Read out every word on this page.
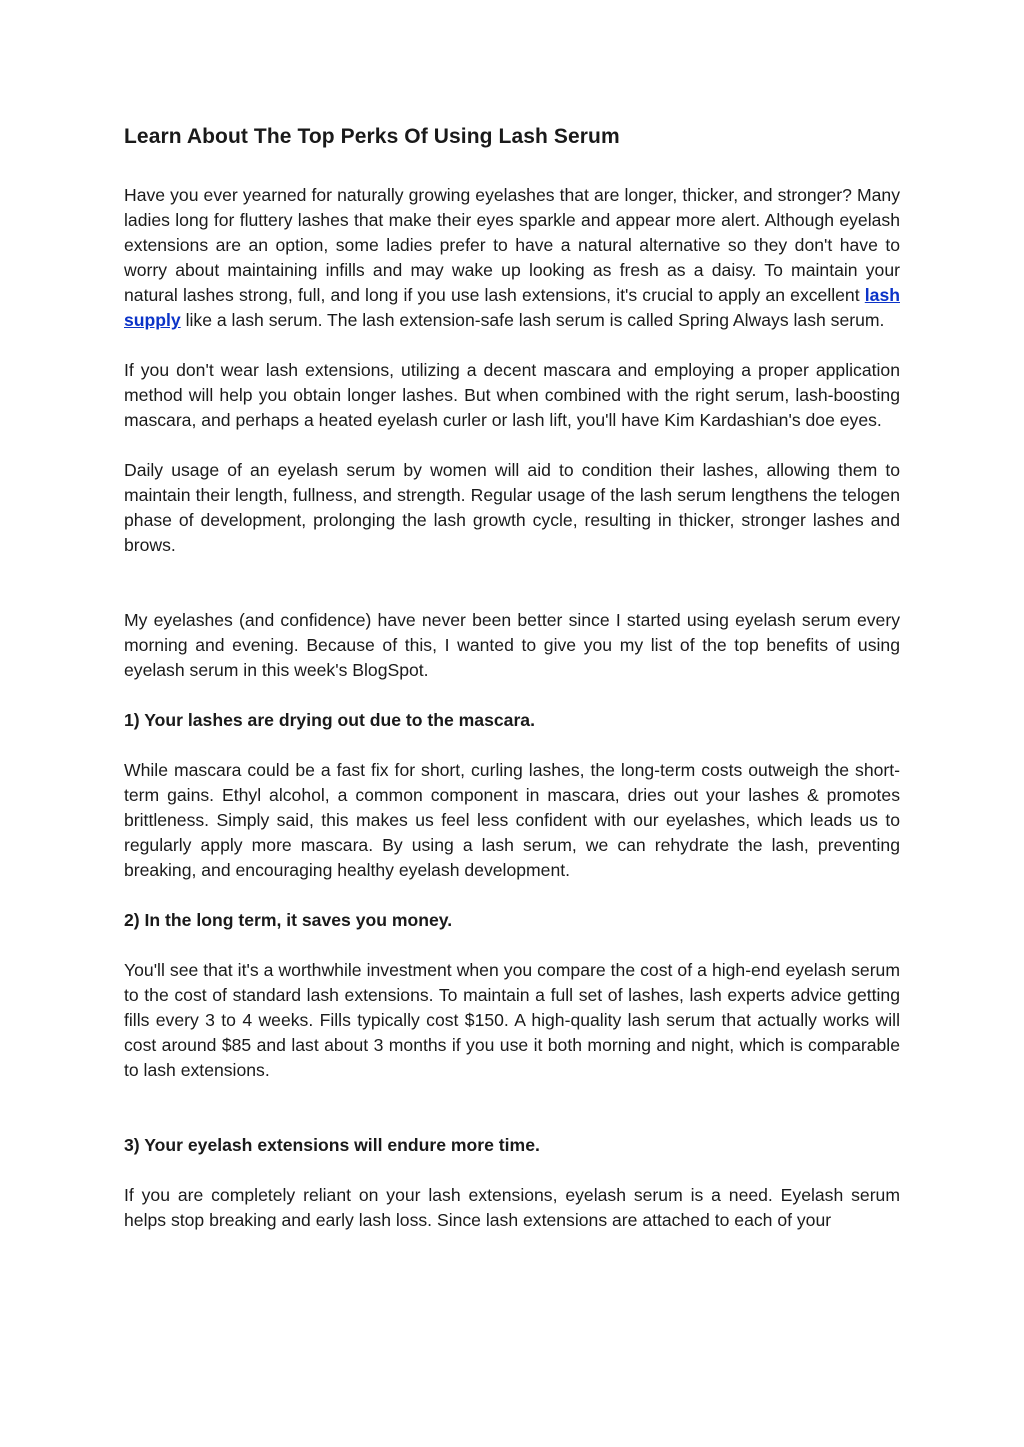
Learn About The Top Perks Of Using Lash Serum

Have you ever yearned for naturally growing eyelashes that are longer, thicker, and stronger? Many ladies long for fluttery lashes that make their eyes sparkle and appear more alert. Although eyelash extensions are an option, some ladies prefer to have a natural alternative so they don't have to worry about maintaining infills and may wake up looking as fresh as a daisy. To maintain your natural lashes strong, full, and long if you use lash extensions, it's crucial to apply an excellent lash supply like a lash serum. The lash extension-safe lash serum is called Spring Always lash serum.

If you don't wear lash extensions, utilizing a decent mascara and employing a proper application method will help you obtain longer lashes. But when combined with the right serum, lash-boosting mascara, and perhaps a heated eyelash curler or lash lift, you'll have Kim Kardashian's doe eyes.

Daily usage of an eyelash serum by women will aid to condition their lashes, allowing them to maintain their length, fullness, and strength. Regular usage of the lash serum lengthens the telogen phase of development, prolonging the lash growth cycle, resulting in thicker, stronger lashes and brows.

My eyelashes (and confidence) have never been better since I started using eyelash serum every morning and evening. Because of this, I wanted to give you my list of the top benefits of using eyelash serum in this week's BlogSpot.

1) Your lashes are drying out due to the mascara.

While mascara could be a fast fix for short, curling lashes, the long-term costs outweigh the short-term gains. Ethyl alcohol, a common component in mascara, dries out your lashes & promotes brittleness. Simply said, this makes us feel less confident with our eyelashes, which leads us to regularly apply more mascara. By using a lash serum, we can rehydrate the lash, preventing breaking, and encouraging healthy eyelash development.

2) In the long term, it saves you money.

You'll see that it's a worthwhile investment when you compare the cost of a high-end eyelash serum to the cost of standard lash extensions. To maintain a full set of lashes, lash experts advice getting fills every 3 to 4 weeks. Fills typically cost $150. A high-quality lash serum that actually works will cost around $85 and last about 3 months if you use it both morning and night, which is comparable to lash extensions.

3) Your eyelash extensions will endure more time.

If you are completely reliant on your lash extensions, eyelash serum is a need. Eyelash serum helps stop breaking and early lash loss. Since lash extensions are attached to each of your
